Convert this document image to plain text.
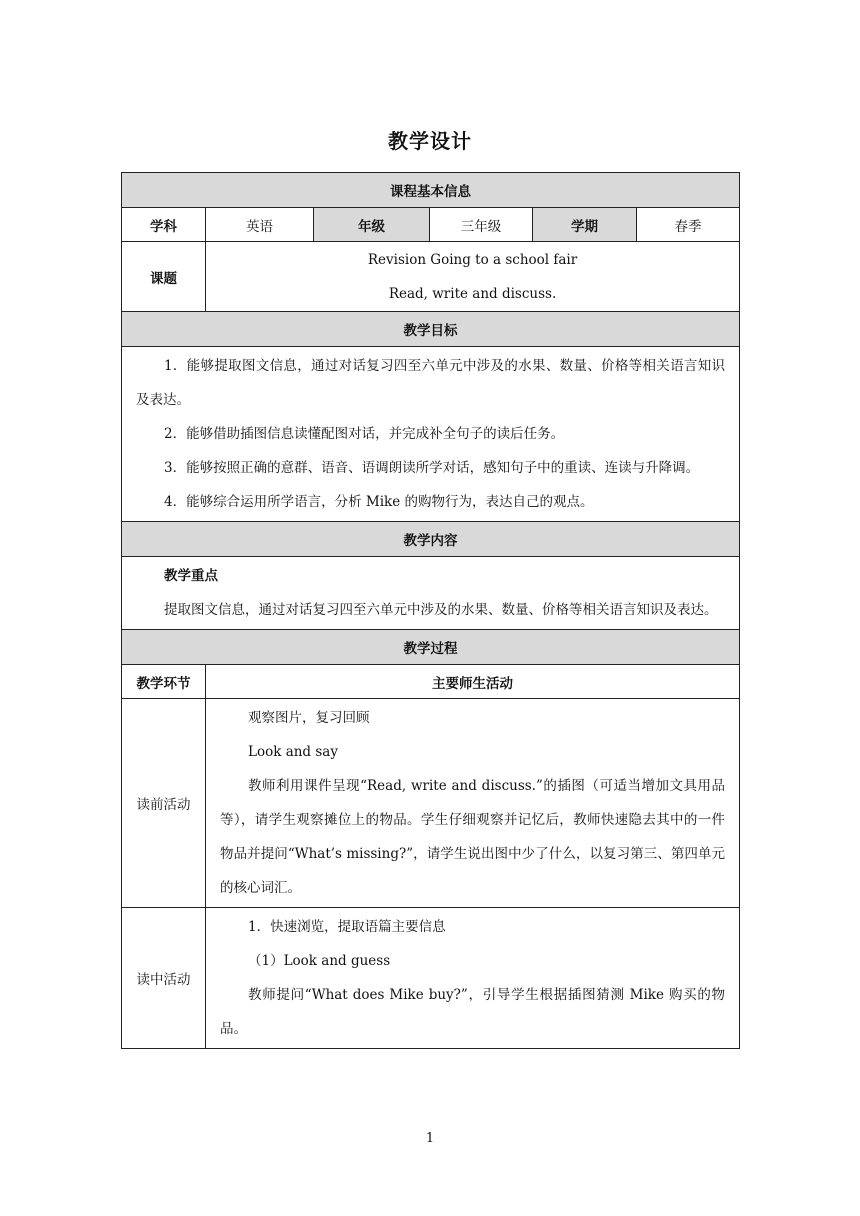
教学设计
课程基本信息					
学科	英语	年级	三年级	学期	春季
课题	Revision Going to a school fair
Read, write and discuss.				

教学目标					

1．能够提取图文信息，通过对话复习四至六单元中涉及的水果、数量、价格等相关语言知识及表达。
2．能够借助插图信息读懂配图对话，并完成补全句子的读后任务。
3．能够按照正确的意群、语音、语调朗读所学对话，感知句子中的重读、连读与升降调。
4．能够综合运用所学语言，分析 Mike 的购物行为，表达自己的观点。					

教学内容					

教学重点
提取图文信息，通过对话复习四至六单元中涉及的水果、数量、价格等相关语言知识及表达。					

教学过程					
教学环节	主要师生活动				
读前活动	观察图片，复习回顾
Look and say
教师利用课件呈现“Read, write and discuss.”的插图（可适当增加文具用品等），请学生观察摊位上的物品。学生仔细观察并记忆后，教师快速隐去其中的一件物品并提问“What’s missing?”，请学生说出图中少了什么，以复习第三、第四单元的核心词汇。				

读中活动	1．快速浏览，提取语篇主要信息
（1）Look and guess
教师提问“What does Mike buy?”，引导学生根据插图猜测 Mike 购买的物品。				
1
